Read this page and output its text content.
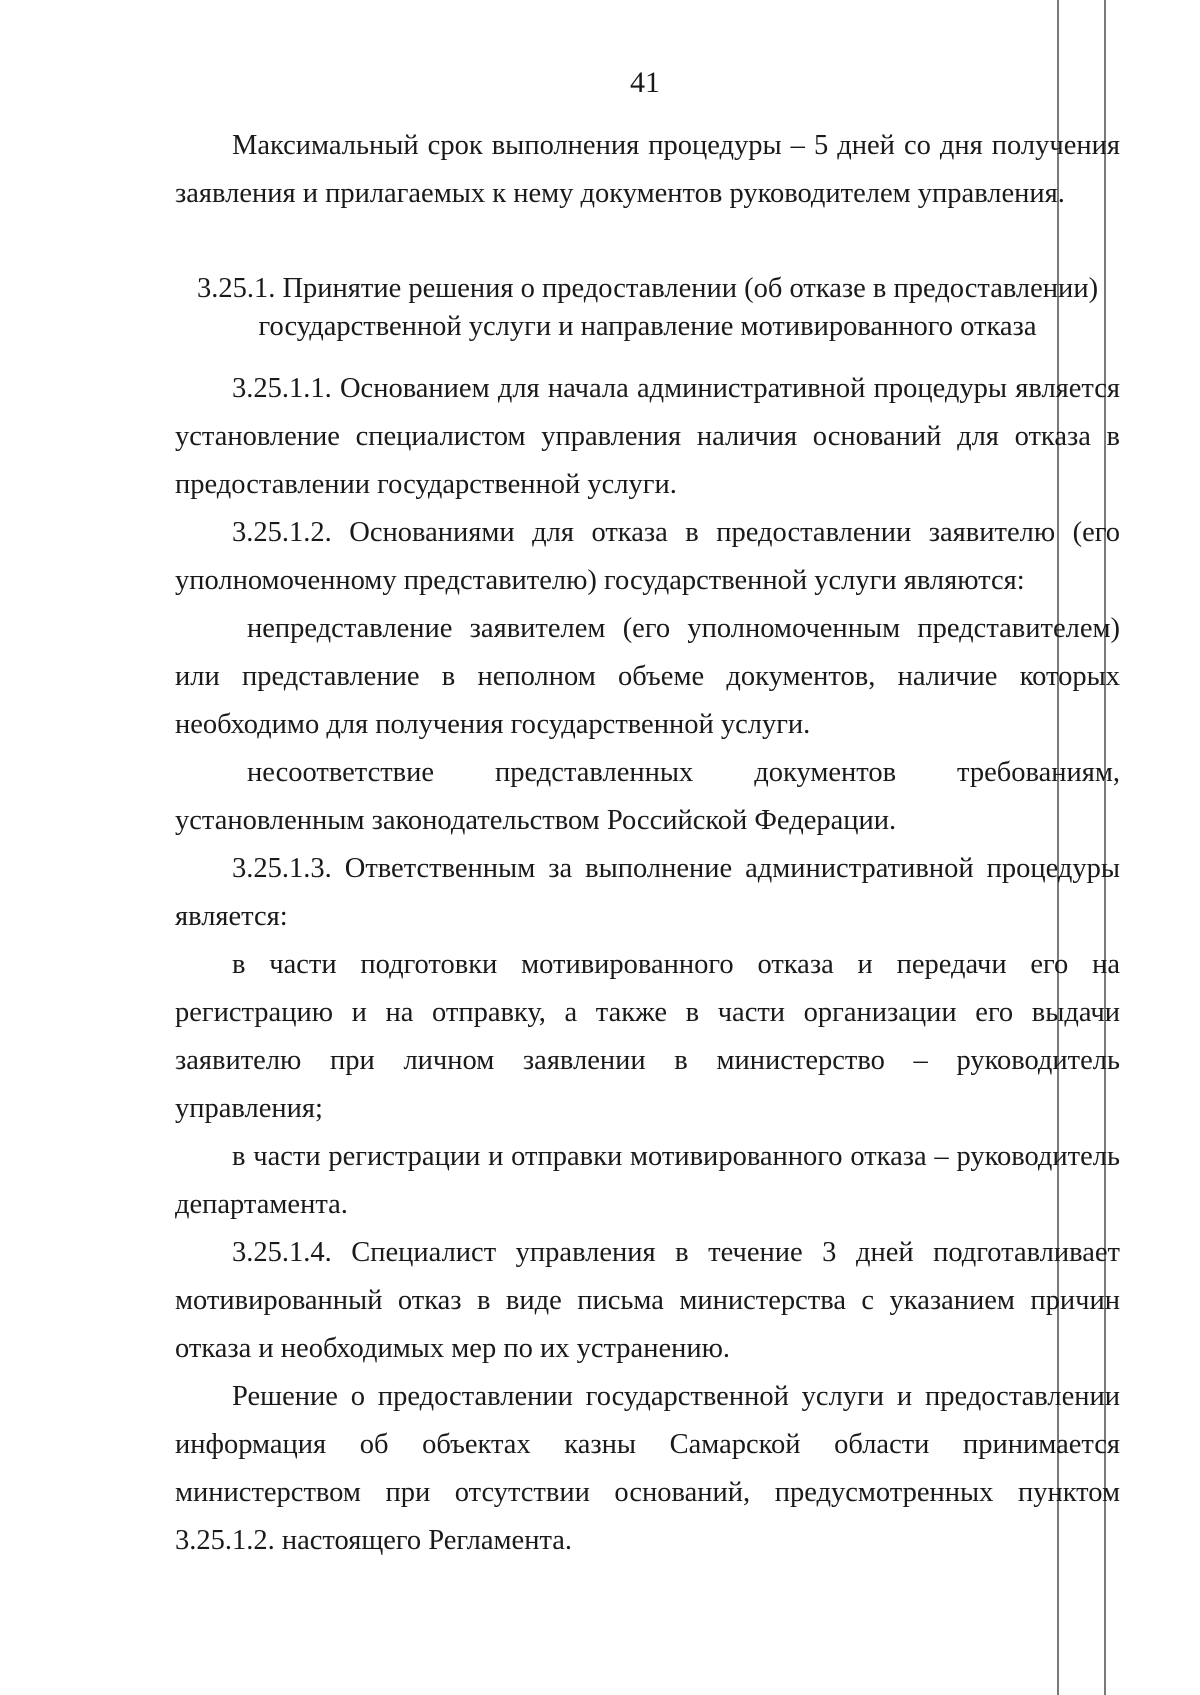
41

Максимальный срок выполнения процедуры – 5 дней со дня получения заявления и прилагаемых к нему документов руководителем управления.

3.25.1. Принятие решения о предоставлении (об отказе в предоставлении)
государственной услуги и направление мотивированного отказа

3.25.1.1. Основанием для начала административной процедуры является установление специалистом управления наличия оснований для отказа в предоставлении государственной услуги.

3.25.1.2. Основаниями для отказа в предоставлении заявителю (его уполномоченному представителю) государственной услуги являются:

непредставление заявителем (его уполномоченным представителем) или представление в неполном объеме документов, наличие которых необходимо для получения государственной услуги.

несоответствие представленных документов требованиям, установленным законодательством Российской Федерации.

3.25.1.3. Ответственным за выполнение административной процедуры является:

в части подготовки мотивированного отказа и передачи его на регистрацию и на отправку, а также в части организации его выдачи заявителю при личном заявлении в министерство – руководитель управления;

в части регистрации и отправки мотивированного отказа – руководитель департамента.

3.25.1.4. Специалист управления в течение 3 дней подготавливает мотивированный отказ в виде письма министерства с указанием причин отказа и необходимых мер по их устранению.

Решение о предоставлении государственной услуги и предоставлении информация об объектах казны Самарской области принимается министерством при отсутствии оснований, предусмотренных пунктом 3.25.1.2. настоящего Регламента.
